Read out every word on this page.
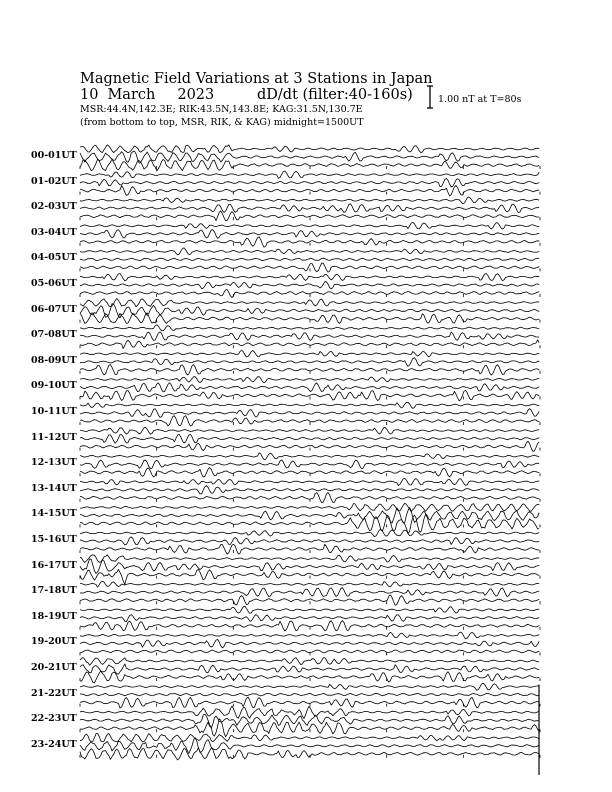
Magnetic Field Variations at 3 Stations in Japan
10 March 2023	dD/dt (filter:40-160s)
MSR:44.4N,142.3E; RIK:43.5N,143.8E; KAG:31.5N,130.7E
(from bottom to top, MSR, RIK, & KAG) midnight=1500UT
1.00 nT at T=80s
00-01UT
01-02UT
02-03UT
03-04UT
04-05UT
05-06UT
06-07UT
07-08UT
08-09UT
09-10UT
10-11UT
11-12UT
12-13UT
13-14UT
14-15UT
15-16UT
16-17UT
17-18UT
18-19UT
19-20UT
20-21UT
21-22UT
22-23UT
23-24UT
